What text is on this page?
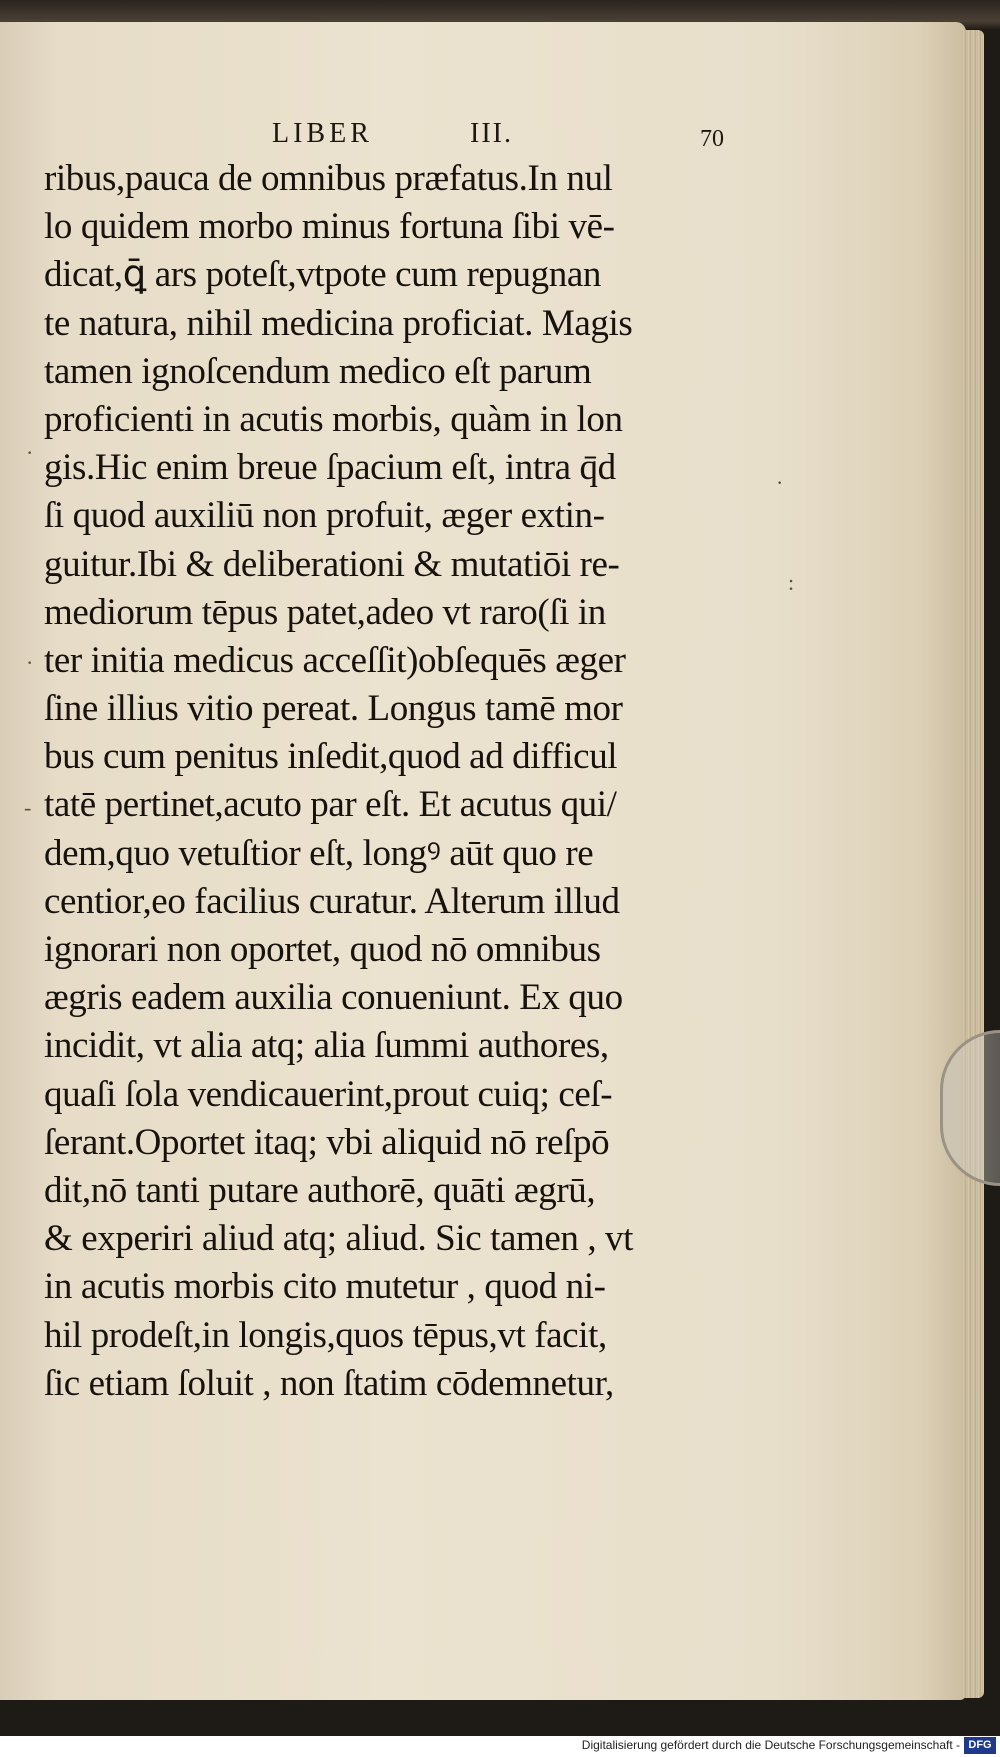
LIBER	III.	70
ribus,pauca de omnibus præfatus.In nul
lo quidem morbo minus fortuna ſibi vē-
dicat,ꝗ̄ ars poteſt,vtpote cum repugnan
te natura, nihil medicina proficiat. Magis
tamen ignoſcendum medico eſt parum
proficienti in acutis morbis, quàm in lon
gis.Hic enim breue ſpacium eſt, intra q̄d
ſi quod auxiliū non profuit, æger extin-
guitur.Ibi & deliberationi & mutatiōi re-
mediorum tēpus patet,adeo vt raro(ſi in
ter initia medicus acceſſit)obſequēs æger
ſine illius vitio pereat. Longus tamē mor
bus cum penitus inſedit,quod ad difficul
tatē pertinet,acuto par eſt. Et acutus qui/
dem,quo vetuſtior eſt, longꝰ aūt quo re
centior,eo facilius curatur. Alterum illud
ignorari non oportet, quod nō omnibus
ægris eadem auxilia conueniunt. Ex quo
incidit, vt alia atq; alia ſummi authores,
quaſi ſola vendicauerint,prout cuiq; ceſ-
ſerant.Oportet itaq; vbi aliquid nō reſpō
dit,nō tanti putare authorē, quāti ægrū,
& experiri aliud atq; aliud. Sic tamen , vt
in acutis morbis cito mutetur , quod ni-
hil prodeſt,in longis,quos tēpus,vt facit,
ſic etiam ſoluit , non ſtatim cōdemnetur,
·
:
·
·
-
Digitalisierung gefördert durch die Deutsche Forschungsgemeinschaft - DFG
